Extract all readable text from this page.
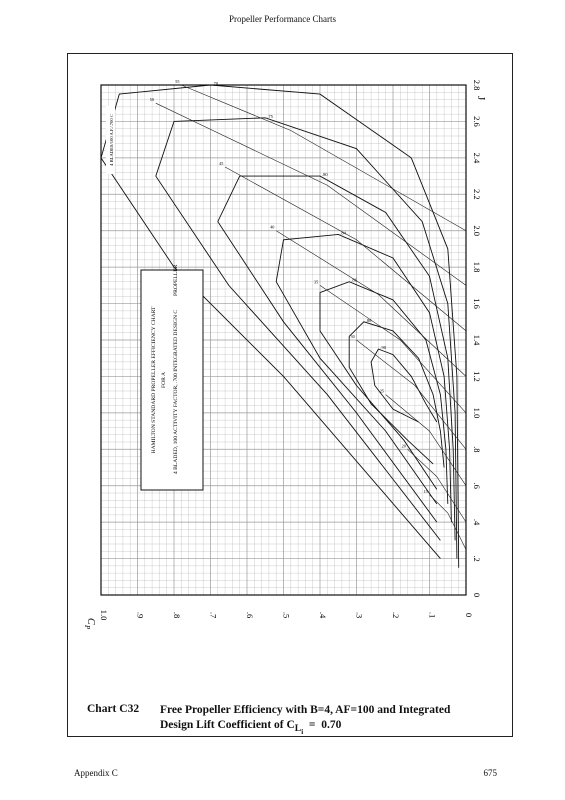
Propeller Performance Charts
.90
.88
.86
.84
.80
.75
.70
15
20
25
30
35
40
45
50
55
0
.2
.4
.6
.8
1.0
1.2
1.4
1.6
1.8
2.0
2.2
2.4
2.6
2.8
0
.1
.2
.3
.4
.5
.6
.7
.8
.9
1.0
HAMILTON STANDARD PROPELLER EFFICIENCY CHART FOR A 4 BLADED, 100 ACTIVITY FACTOR, .700 INTEGRATED DESIGN C
PROPELLER
4 BLADES/100 A.F./.700 C
C
P
J
Chart C32 Free Propeller Efficiency with B=4, AF=100 and Integrated
Design Lift Coefficient of $C_{L_i} = 0.70$
Appendix C	675
